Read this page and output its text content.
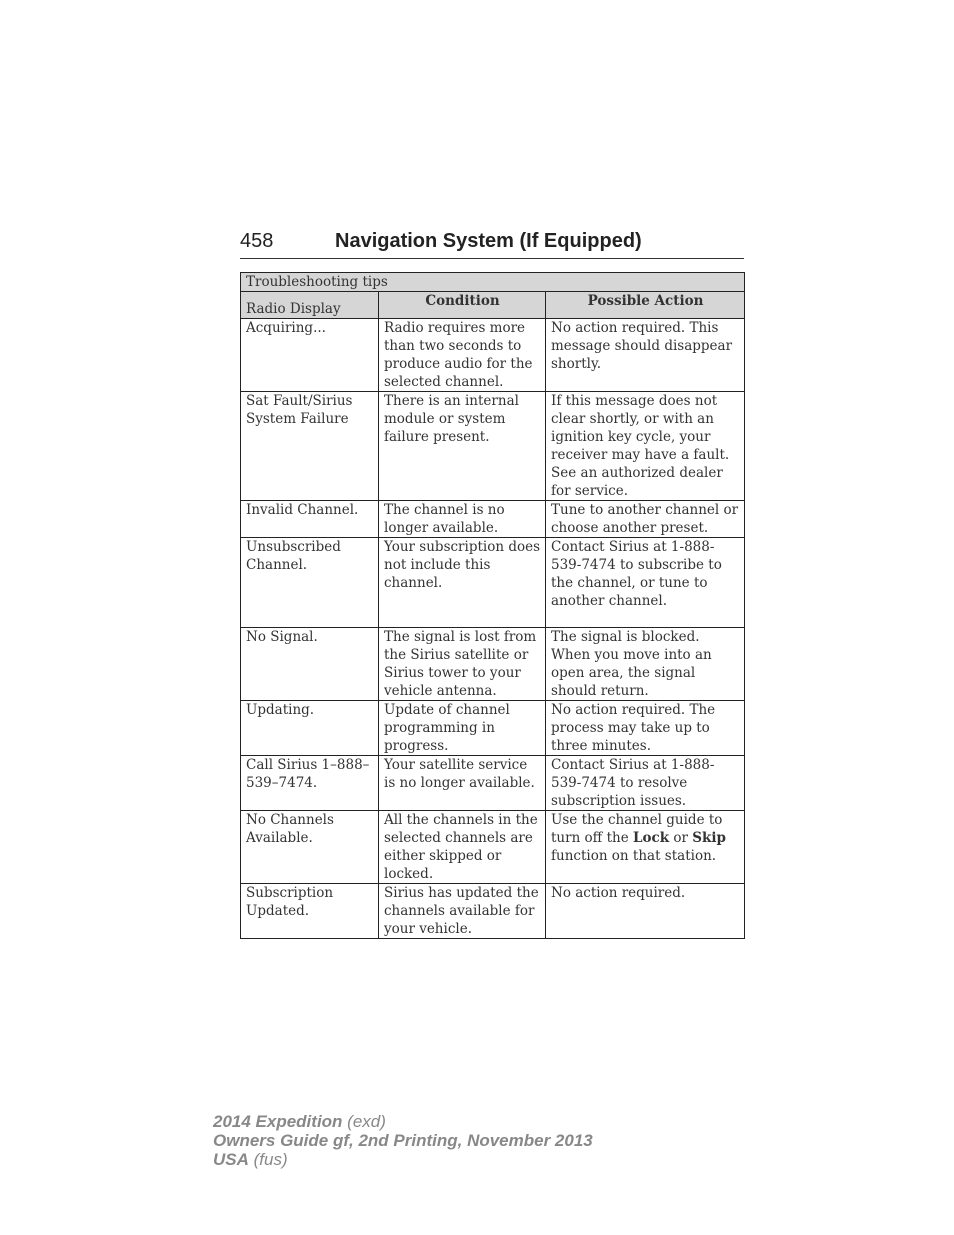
458	Navigation System (If Equipped)
Troubleshooting tips		
Radio Display	Condition	Possible Action
Acquiring...	Radio requires more than two seconds to produce audio for the selected channel.	No action required. This message should disappear shortly.
Sat Fault/Sirius System Failure	There is an internal module or system failure present.	If this message does not clear shortly, or with an ignition key cycle, your receiver may have a fault. See an authorized dealer for service.
Invalid Channel.	The channel is no longer available.	Tune to another channel or choose another preset.
Unsubscribed Channel.	Your subscription does not include this channel.	Contact Sirius at 1-888-539-7474 to subscribe to the channel, or tune to another channel.
No Signal.	The signal is lost from the Sirius satellite or Sirius tower to your vehicle antenna.	The signal is blocked. When you move into an open area, the signal should return.
Updating.	Update of channel programming in progress.	No action required. The process may take up to three minutes.
Call Sirius 1–888–539–7474.	Your satellite service is no longer available.	Contact Sirius at 1-888-539-7474 to resolve subscription issues.
No Channels Available.	All the channels in the selected channels are either skipped or locked.	Use the channel guide to turn off the Lock or Skip function on that station.
Subscription Updated.	Sirius has updated the channels available for your vehicle.	No action required.
2014 Expedition (exd)
Owners Guide gf, 2nd Printing, November 2013
USA (fus)
